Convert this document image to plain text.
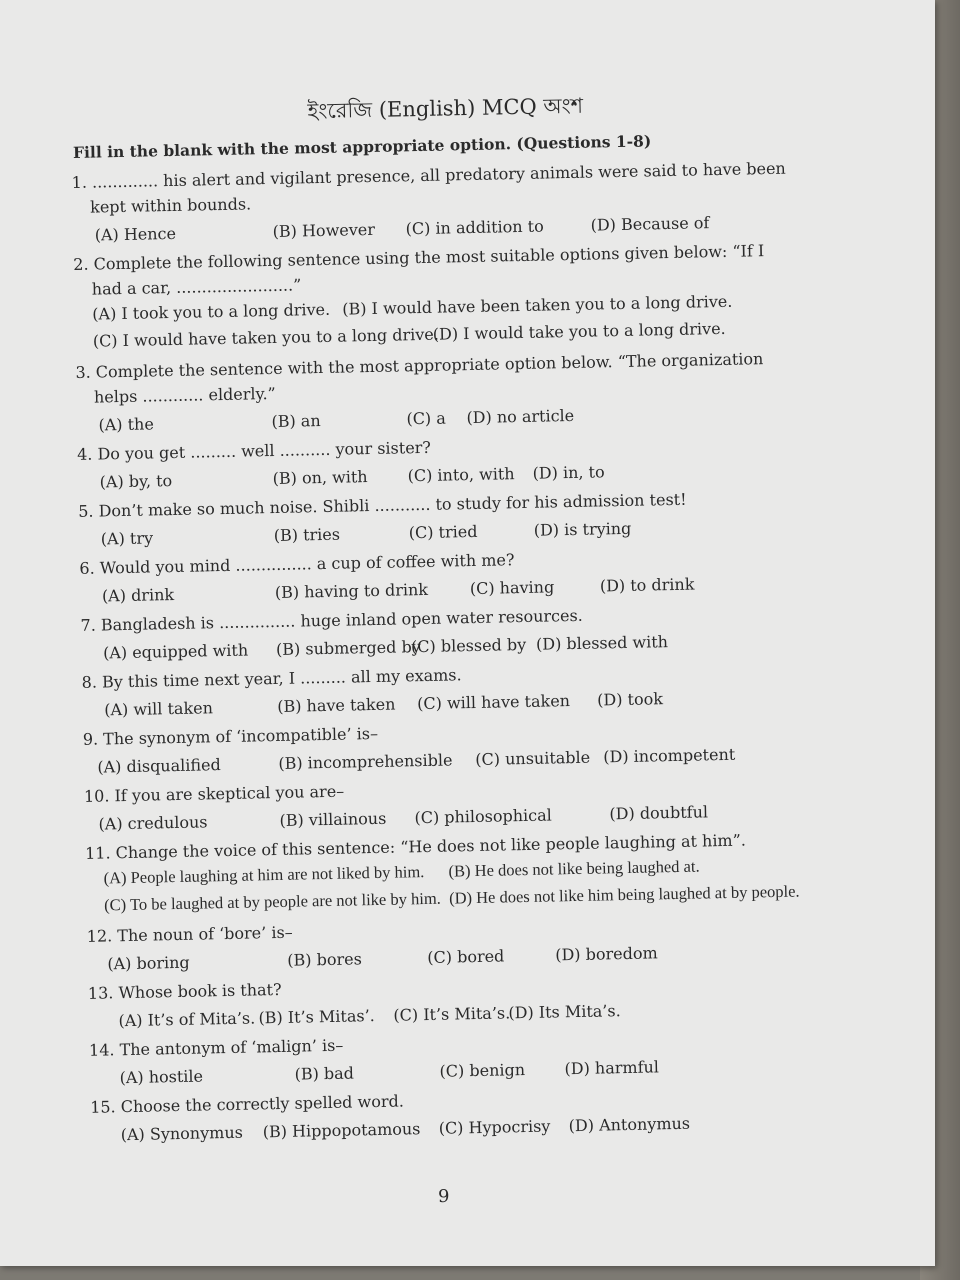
ইংরেজি (English) MCQ অংশ
Fill in the blank with the most appropriate option. (Questions 1-8)
1. ............. his alert and vigilant presence, all predatory animals were said to have been kept within bounds.
(A) Hence	(B) However (C) in addition to	(D) Because of
2. Complete the following sentence using the most suitable options given below: “If I had a car, .......................”
(A) I took you to a long drive. (B) I would have been taken you to a long drive.
(C) I would have taken you to a long drive.
(D) I would take you to a long drive.
3. Complete the sentence with the most appropriate option below. “The organization helps ............ elderly.”
(A) the	(B) an	(C) a (D) no article
4. Do you get ......... well .......... your sister?
(A) by, to	(B) on, with (C) into, with (D) in, to
5. Don’t make so much noise. Shibli ........... to study for his admission test!
(A) try	(B) tries	(C) tried	(D) is trying
6. Would you mind ............... a cup of coffee with me?
(A) drink	(B) having to drink	(C) having	(D) to drink
7. Bangladesh is ............... huge inland open water resources.
(A) equipped with (B) submerged by
(C) blessed by (D) blessed with
8. By this time next year, I ......... all my exams.
(A) will taken	(B) have taken (C) will have taken (D) took
9. The synonym of ‘incompatible’ is–
(A) disqualified	(B) incomprehensible (C) unsuitable (D) incompetent
10. If you are skeptical you are–
(A) credulous	(B) villainous (C) philosophical	(D) doubtful
11. Change the voice of this sentence: “He does not like people laughing at him”.
(A) People laughing at him are not liked by him. (B) He does not like being laughed at.
(C) To be laughed at by people are not like by him. (D) He does not like him being laughed at by people.
12. The noun of ‘bore’ is–
(A) boring	(B) bores	(C) bored	(D) boredom
13. Whose book is that?
(A) It’s of Mita’s. (B) It’s Mitas’. (C) It’s Mita’s.
(D) Its Mita’s.
14. The antonym of ‘malign’ is–
(A) hostile	(B) bad	(C) benign (D) harmful
15. Choose the correctly spelled word.
(A) Synonymus (B) Hippopotamous (C) Hypocrisy (D) Antonymus
9
